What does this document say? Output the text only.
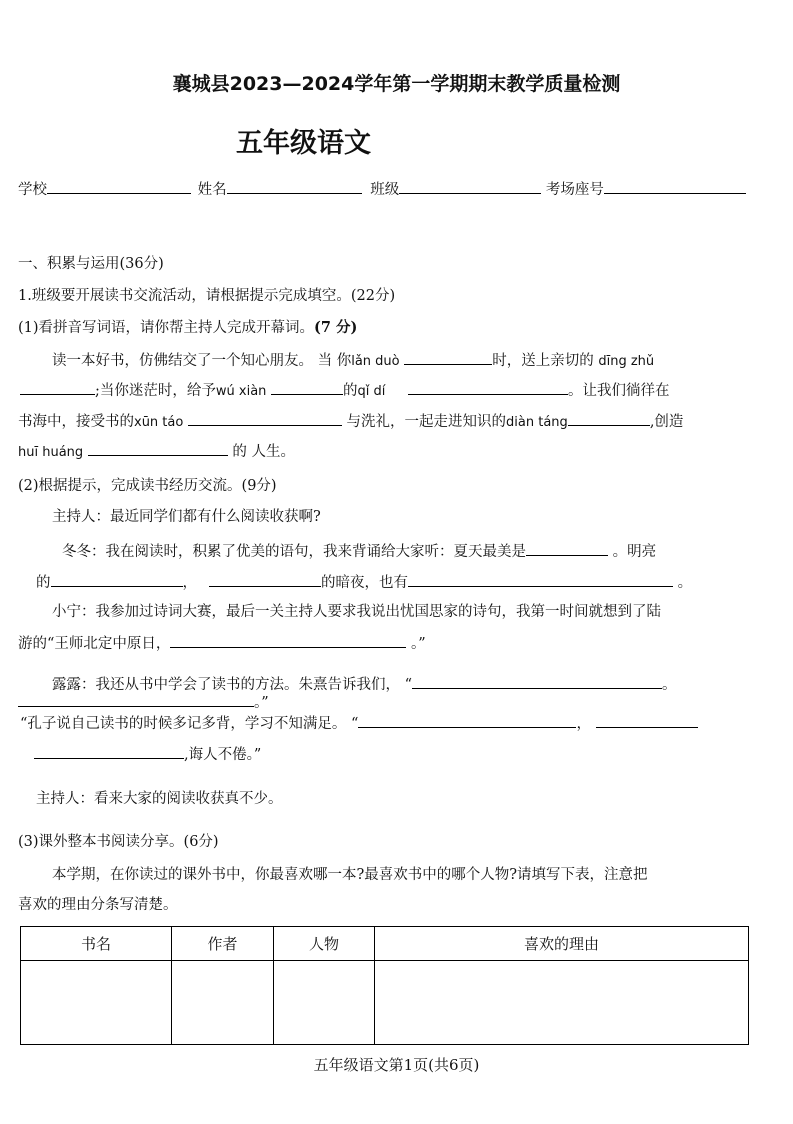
襄城县2023—2024学年第一学期期末教学质量检测
五年级语文
学校	姓名	班级	考场座号
一、积累与运用(36分)
1.班级要开展读书交流活动，请根据提示完成填空。(22分)
(1)看拼音写词语，请你帮主持人完成开幕词。(7 分)
读一本好书，仿佛结交了一个知心朋友。 当 你lǎn duò	时，送上亲切的 dīng zhǔ
;当你迷茫时，给予wú xiàn	的qǐ dí	。让我们徜徉在
书海中，接受书的xūn táo	与洗礼，一起走进知识的diàn táng	,创造
huī huáng	的 人生。
(2)根据提示，完成读书经历交流。(9分)
主持人：最近同学们都有什么阅读收获啊?
冬冬：我在阅读时，积累了优美的语句，我来背诵给大家听：夏天最美是	。明亮
的	，	的暗夜，也有	。
小宁：我参加过诗词大赛，最后一关主持人要求我说出忧国思家的诗句，我第一时间就想到了陆
游的“王师北定中原日，	。”
露露：我还从书中学会了读书的方法。朱熹告诉我们， “	。
。”
“孔子说自己读书的时候多记多背，学习不知满足。 “	，
,诲人不倦。”
主持人：看来大家的阅读收获真不少。
(3)课外整本书阅读分享。(6分)
本学期，在你读过的课外书中，你最喜欢哪一本?最喜欢书中的哪个人物?请填写下表，注意把
喜欢的理由分条写清楚。
书名	作者	人物	喜欢的理由

五年级语文第1页(共6页)
